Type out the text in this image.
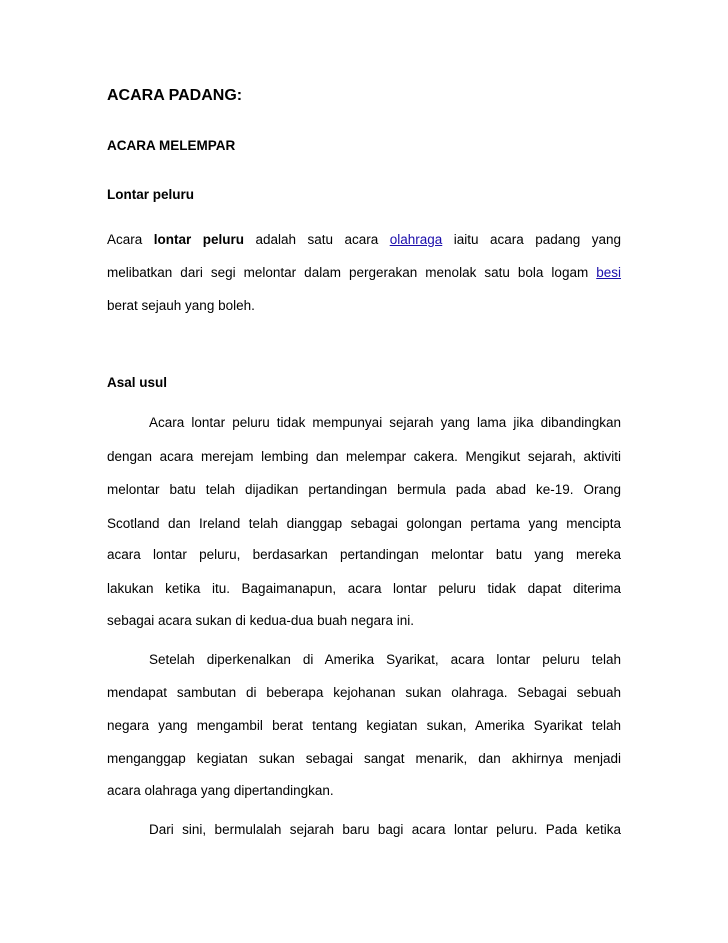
ACARA PADANG:
ACARA MELEMPAR
Lontar peluru
Acara lontar peluru adalah satu acara olahraga iaitu acara padang yang
melibatkan dari segi melontar dalam pergerakan menolak satu bola logam besi
berat sejauh yang boleh.
Asal usul
Acara lontar peluru tidak mempunyai sejarah yang lama jika dibandingkan
dengan acara merejam lembing dan melempar cakera. Mengikut sejarah, aktiviti
melontar batu telah dijadikan pertandingan bermula pada abad ke-19. Orang
Scotland dan Ireland telah dianggap sebagai golongan pertama yang mencipta
acara lontar peluru, berdasarkan pertandingan melontar batu yang mereka
lakukan ketika itu. Bagaimanapun, acara lontar peluru tidak dapat diterima
sebagai acara sukan di kedua-dua buah negara ini.
Setelah diperkenalkan di Amerika Syarikat, acara lontar peluru telah
mendapat sambutan di beberapa kejohanan sukan olahraga. Sebagai sebuah
negara yang mengambil berat tentang kegiatan sukan, Amerika Syarikat telah
menganggap kegiatan sukan sebagai sangat menarik, dan akhirnya menjadi
acara olahraga yang dipertandingkan.
Dari sini, bermulalah sejarah baru bagi acara lontar peluru. Pada ketika
